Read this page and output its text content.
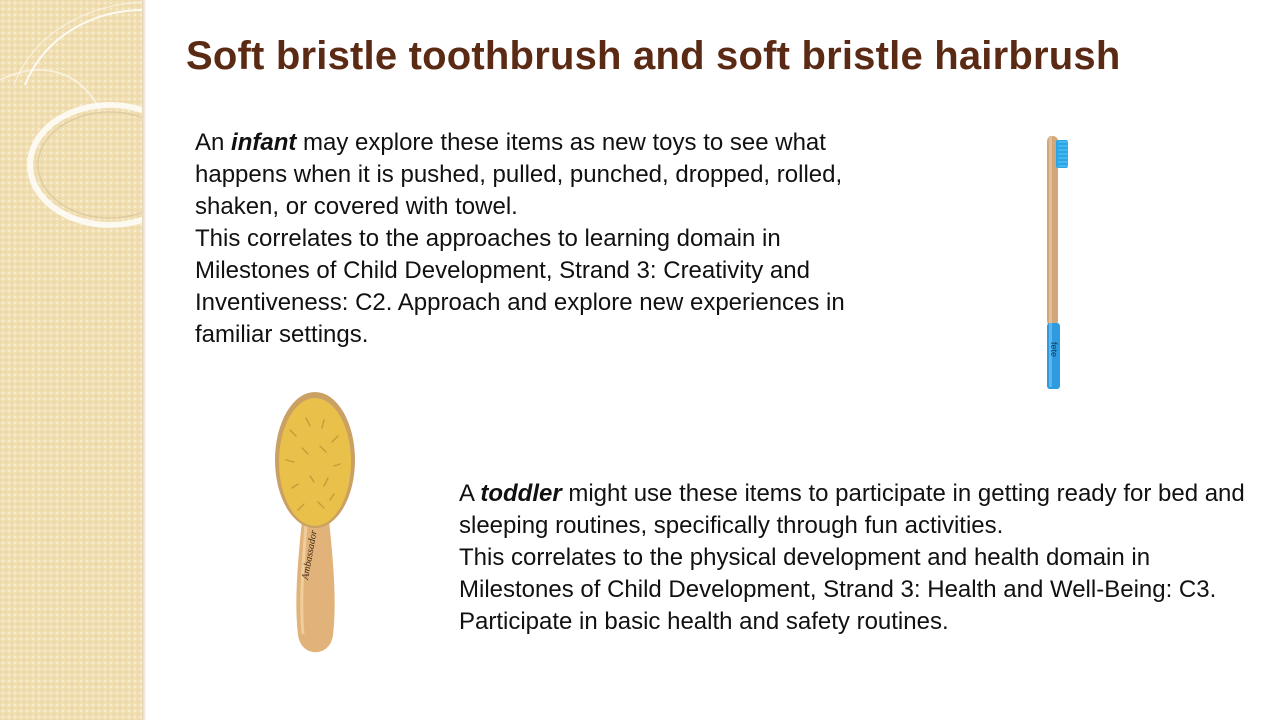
Soft bristle toothbrush and soft bristle hairbrush

An infant may explore these items as new toys to see what happens when it is pushed, pulled, punched, dropped, rolled, shaken, or covered with towel.

This correlates to the approaches to learning domain in Milestones of Child Development, Strand 3: Creativity and Inventiveness: C2. Approach and explore new experiences in familiar settings.

fete
Ambassador

A toddler might use these items to participate in getting ready for bed and sleeping routines, specifically through fun activities.

This correlates to the physical development and health domain in Milestones of Child Development, Strand 3: Health and Well-Being: C3. Participate in basic health and safety routines.
